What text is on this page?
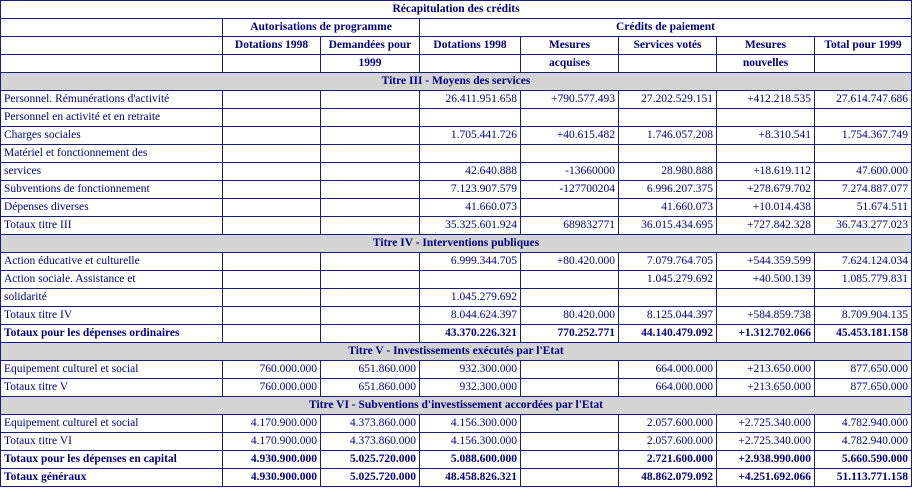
Récapitulation des crédits							
	Autorisations de programme		Crédits de paiement				
	Dotations 1998	Demandées pour	Dotations 1998	Mesures	Services votés	Mesures	Total pour 1999
		1999		acquises		nouvelles	
Titre III - Moyens des services							
Personnel. Rémunérations d'activité			26.411.951.658	+790.577.493	27.202.529.151	+412.218.535	27.614.747.686
Personnel en activité et en retraite							
Charges sociales			1.705.441.726	+40.615.482	1.746.057.208	+8.310.541	1.754.367.749
Matériel et fonctionnement des							
services			42.640.888	-13660000	28.980.888	+18.619.112	47.600.000
Subventions de fonctionnement			7.123.907.579	-127700204	6.996.207.375	+278.679.702	7.274.887.077
Dépenses diverses			41.660.073		41.660.073	+10.014.438	51.674.511
Totaux titre III			35.325.601.924	689832771	36.015.434.695	+727.842.328	36.743.277.023
Titre IV - Interventions publiques							
Action éducative et culturelle			6.999.344.705	+80.420.000	7.079.764.705	+544.359.599	7.624.124.034
Action sociale. Assistance et					1.045.279.692	+40.500.139	1.085.779.831
solidarité			1.045.279.692				
Totaux titre IV			8.044.624.397	80.420.000	8.125.044.397	+584.859.738	8.709.904.135
Totaux pour les dépenses ordinaires			43.370.226.321	770.252.771	44.140.479.092	+1.312.702.066	45.453.181.158
Titre V - Investissements exécutés par l'Etat							
Equipement culturel et social	760.000.000	651.860.000	932.300.000		664.000.000	+213.650.000	877.650.000
Totaux titre V	760.000.000	651.860.000	932.300.000		664.000.000	+213.650.000	877.650.000
Titre VI - Subventions d'investissement accordées par l'Etat							
Equipement culturel et social	4.170.900.000	4.373.860.000	4.156.300.000		2.057.600.000	+2.725.340.000	4.782.940.000
Totaux titre VI	4.170.900.000	4.373.860.000	4.156.300.000		2.057.600.000	+2.725.340.000	4.782.940.000
Totaux pour les dépenses en capital	4.930.900.000	5.025.720.000	5.088.600.000		2.721.600.000	+2.938.990.000	5.660.590.000
Totaux généraux	4.930.900.000	5.025.720.000	48.458.826.321		48.862.079.092	+4.251.692.066	51.113.771.158
